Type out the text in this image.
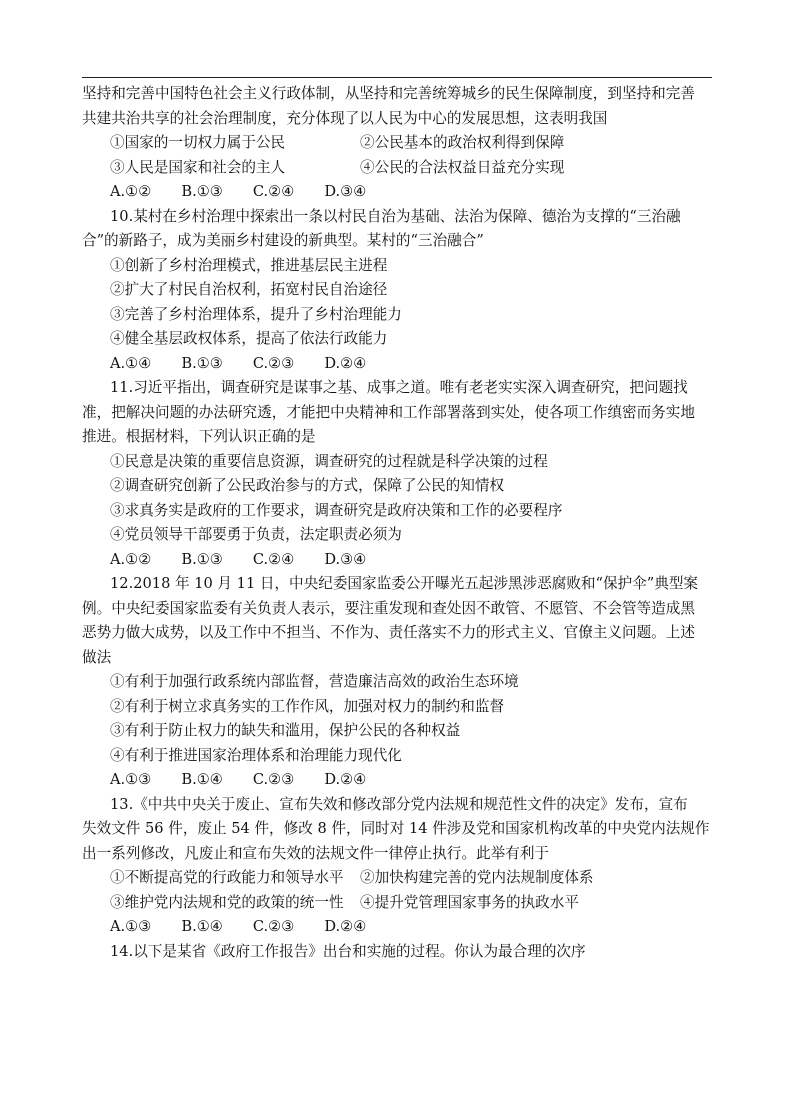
坚持和完善中国特色社会主义行政体制，从坚持和完善统筹城乡的民生保障制度，到坚持和完善
共建共治共享的社会治理制度，充分体现了以人民为中心的发展思想，这表明我国
①国家的一切权力属于公民	②公民基本的政治权利得到保障
③人民是国家和社会的主人	④公民的合法权益日益充分实现
A.①② B.①③ C.②④ D.③④
10.某村在乡村治理中探索出一条以村民自治为基础、法治为保障、德治为支撑的“三治融
合”的新路子，成为美丽乡村建设的新典型。某村的“三治融合”
①创新了乡村治理模式，推进基层民主进程
②扩大了村民自治权利，拓宽村民自治途径
③完善了乡村治理体系，提升了乡村治理能力
④健全基层政权体系，提高了依法行政能力
A.①④ B.①③ C.②③ D.②④
11.习近平指出，调查研究是谋事之基、成事之道。唯有老老实实深入调查研究，把问题找
准，把解决问题的办法研究透，才能把中央精神和工作部署落到实处，使各项工作缜密而务实地
推进。根据材料，下列认识正确的是
①民意是决策的重要信息资源，调查研究的过程就是科学决策的过程
②调查研究创新了公民政治参与的方式，保障了公民的知情权
③求真务实是政府的工作要求，调查研究是政府决策和工作的必要程序
④党员领导干部要勇于负责，法定职责必须为
A.①② B.①③ C.②④ D.③④
12.2018 年 10 月 11 日，中央纪委国家监委公开曝光五起涉黑涉恶腐败和“保护伞”典型案
例。中央纪委国家监委有关负责人表示，要注重发现和查处因不敢管、不愿管、不会管等造成黑
恶势力做大成势，以及工作中不担当、不作为、责任落实不力的形式主义、官僚主义问题。上述
做法
①有利于加强行政系统内部监督，营造廉洁高效的政治生态环境
②有利于树立求真务实的工作作风，加强对权力的制约和监督
③有利于防止权力的缺失和滥用，保护公民的各种权益
④有利于推进国家治理体系和治理能力现代化
A.①③ B.①④ C.②③ D.②④
13.《中共中央关于废止、宣布失效和修改部分党内法规和规范性文件的决定》发布，宣布
失效文件 56 件，废止 54 件，修改 8 件，同时对 14 件涉及党和国家机构改革的中央党内法规作
出一系列修改，凡废止和宣布失效的法规文件一律停止执行。此举有利于
①不断提高党的行政能力和领导水平 ②加快构建完善的党内法规制度体系
③维护党内法规和党的政策的统一性 ④提升党管理国家事务的执政水平
A.①③ B.①④ C.②③ D.②④
14.以下是某省《政府工作报告》出台和实施的过程。你认为最合理的次序
